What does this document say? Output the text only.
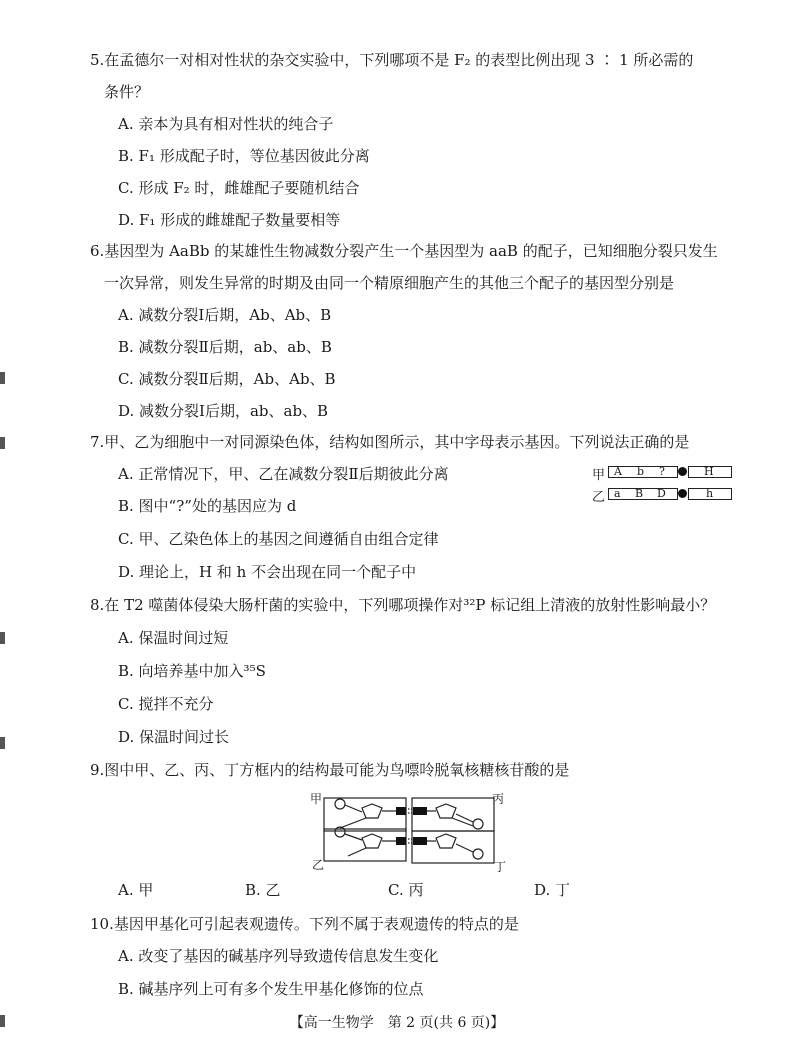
5.在孟德尔一对相对性状的杂交实验中，下列哪项不是 F₂ 的表型比例出现 3 ∶ 1 所必需的
条件？
A. 亲本为具有相对性状的纯合子
B. F₁ 形成配子时，等位基因彼此分离
C. 形成 F₂ 时，雌雄配子要随机结合
D. F₁ 形成的雌雄配子数量要相等
6.基因型为 AaBb 的某雄性生物减数分裂产生一个基因型为 aaB 的配子，已知细胞分裂只发生
一次异常，则发生异常的时期及由同一个精原细胞产生的其他三个配子的基因型分别是
A. 减数分裂Ⅰ后期，Ab、Ab、B
B. 减数分裂Ⅱ后期，ab、ab、B
C. 减数分裂Ⅱ后期，Ab、Ab、B
D. 减数分裂Ⅰ后期，ab、ab、B
7.甲、乙为细胞中一对同源染色体，结构如图所示，其中字母表示基因。下列说法正确的是
A. 正常情况下，甲、乙在减数分裂Ⅱ后期彼此分离
B. 图中“?”处的基因应为 d
C. 甲、乙染色体上的基因之间遵循自由组合定律
D. 理论上，H 和 h 不会出现在同一个配子中
甲 A b ?	H
乙 a B D	h
8.在 T2 噬菌体侵染大肠杆菌的实验中，下列哪项操作对³²P 标记组上清液的放射性影响最小？
A. 保温时间过短
B. 向培养基中加入³⁵S
C. 搅拌不充分
D. 保温时间过长
9.图中甲、乙、丙、丁方框内的结构最可能为鸟嘌呤脱氧核糖核苷酸的是
甲
乙
丙
丁
A. 甲	B. 乙	C. 丙	D. 丁
10.基因甲基化可引起表观遗传。下列不属于表观遗传的特点的是
A. 改变了基因的碱基序列导致遗传信息发生变化
B. 碱基序列上可有多个发生甲基化修饰的位点
【高一生物学　第 2 页(共 6 页)】
